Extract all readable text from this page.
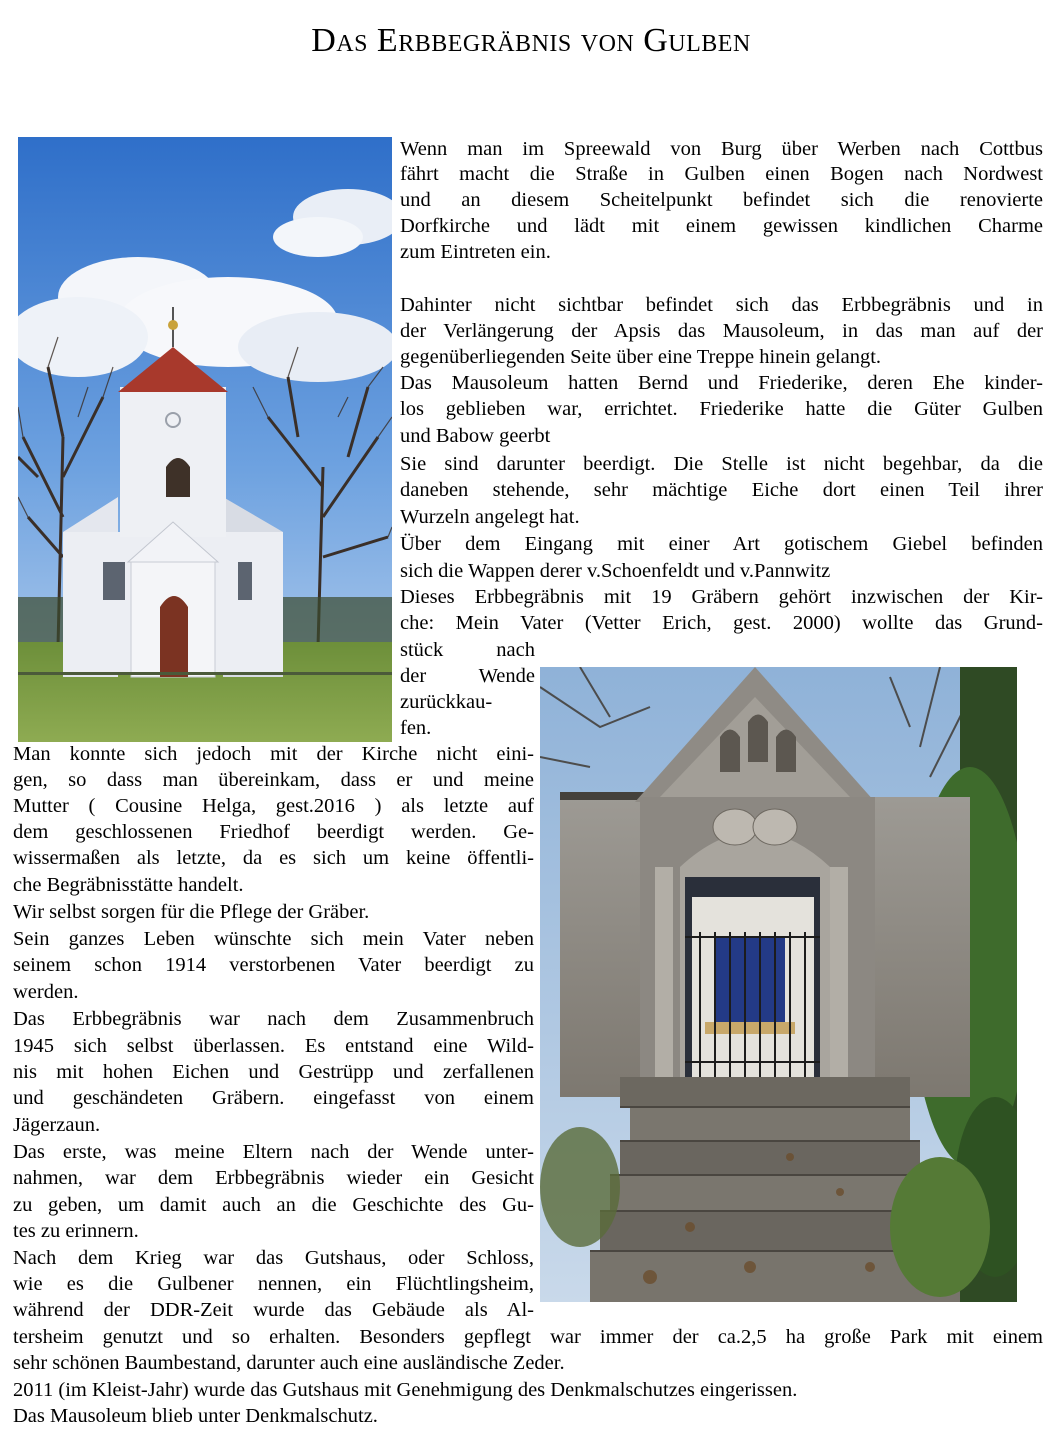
Das Erbbegräbnis von Gulben
Wenn man im Spreewald von Burg über Werben nach Cottbus
fährt macht die Straße in Gulben einen Bogen nach Nordwest
und an diesem Scheitelpunkt befindet sich die renovierte
Dorfkirche und lädt mit einem gewissen kindlichen Charme
zum Eintreten ein.
Dahinter nicht sichtbar befindet sich das Erbbegräbnis und in
der Verlängerung der Apsis das Mausoleum, in das man auf der
gegenüberliegenden Seite über eine Treppe hinein gelangt.
Das Mausoleum hatten Bernd und Friederike, deren Ehe kinder-
los geblieben war, errichtet. Friederike hatte die Güter Gulben
und Babow geerbt
Sie sind darunter beerdigt. Die Stelle ist nicht begehbar, da die
daneben stehende, sehr mächtige Eiche dort einen Teil ihrer
Wurzeln angelegt hat.
Über dem Eingang mit einer Art gotischem Giebel befinden
sich die Wappen derer v.Schoenfeldt und v.Pannwitz
Dieses Erbbegräbnis mit 19 Gräbern gehört inzwischen der Kir-
che: Mein Vater (Vetter Erich, gest. 2000) wollte das Grund-
stück nach
der Wende
zurückkau-
fen.
Man konnte sich jedoch mit der Kirche nicht eini-
gen, so dass man übereinkam, dass er und meine
Mutter ( Cousine Helga, gest.2016 ) als letzte auf
dem geschlossenen Friedhof beerdigt werden. Ge-
wissermaßen als letzte, da es sich um keine öffentli-
che Begräbnisstätte handelt.
Wir selbst sorgen für die Pflege der Gräber.
Sein ganzes Leben wünschte sich mein Vater neben
seinem schon 1914 verstorbenen Vater beerdigt zu
werden.
Das Erbbegräbnis war nach dem Zusammenbruch
1945 sich selbst überlassen. Es entstand eine Wild-
nis mit hohen Eichen und Gestrüpp und zerfallenen
und geschändeten Gräbern. eingefasst von einem
Jägerzaun.
Das erste, was meine Eltern nach der Wende unter-
nahmen, war dem Erbbegräbnis wieder ein Gesicht
zu geben, um damit auch an die Geschichte des Gu-
tes zu erinnern.
Nach dem Krieg war das Gutshaus, oder Schloss,
wie es die Gulbener nennen, ein Flüchtlingsheim,
während der DDR-Zeit wurde das Gebäude als Al-
tersheim genutzt und so erhalten. Besonders gepflegt war immer der ca.2,5 ha große Park mit einem
sehr schönen Baumbestand, darunter auch eine ausländische Zeder.
2011 (im Kleist-Jahr) wurde das Gutshaus mit Genehmigung des Denkmalschutzes eingerissen.
Das Mausoleum blieb unter Denkmalschutz.
